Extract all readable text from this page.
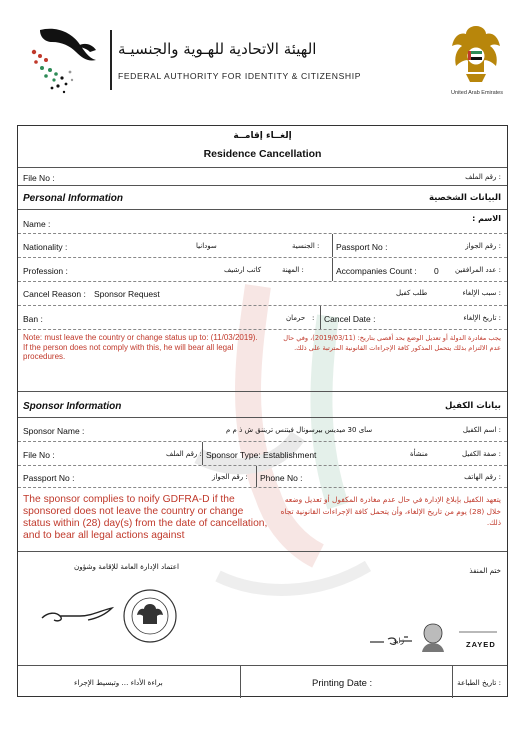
الهيئة الاتحادية للهـوية والجنسيـة
FEDERAL AUTHORITY FOR IDENTITY & CITIZENSHIP
United Arab Emirates
إلغــاء إقامــة
Residence Cancellation
File No :	: رقم الملف
Personal Information	البيانات الشخصية
Name :
الاسم :
Nationality :	سودانيا	: الجنسية Passport No :	: رقم الجواز
Profession :	كاتب ارشيف	: المهنة	Accompanies Count : 0 : عدد المرافقين
Cancel Reason : Sponsor Request	طلب كفيل	: سبب الإلغاء
Ban :	حرمان : Cancel Date :	: تاريخ الإلغاء
Note: must leave the country or change status up to: (11/03/2019). If the person does not comply with this, he will bear all legal procedures.
يجب مغادرة الدولة أو تعديل الوضع بحد أقصى بتاريخ: (2019/03/11)، وفي حال عدم الالتزام بذلك يتحمل المذكور كافة الإجراءات القانونية المترتبة على ذلك.
Sponsor Information	بيانات الكفيل
Sponsor Name :	ساى 30 ميديس بيرسونال فيتنس تريننق ش ذ م م	: اسم الكفيل
File No :	: رقم الملف Sponsor Type: Establishment	منشأة	: صفة الكفيل
Passport No :	: رقم الجواز Phone No :	: رقم الهاتف
The sponsor complies to noify GDFRA-D if the sponsored does not leave the country or change status within (28) day(s) from the date of cancellation, and to bear all legal actions against
يتعهد الكفيل بإبلاغ الإدارة في حال عدم مغادرة المكفول أو تعديل وضعه خلال (28) يوم من تاريخ الإلغاء، وأن يتحمل كافة الإجراءات القانونية تجاه ذلك.
اعتماد الإدارة العامة للإقامة وشؤون	ختم المنفذ
زايد	ZAYED
براءة الأداء ... وتبسيط الإجراء	Printing Date :	: تاريخ الطباعة
